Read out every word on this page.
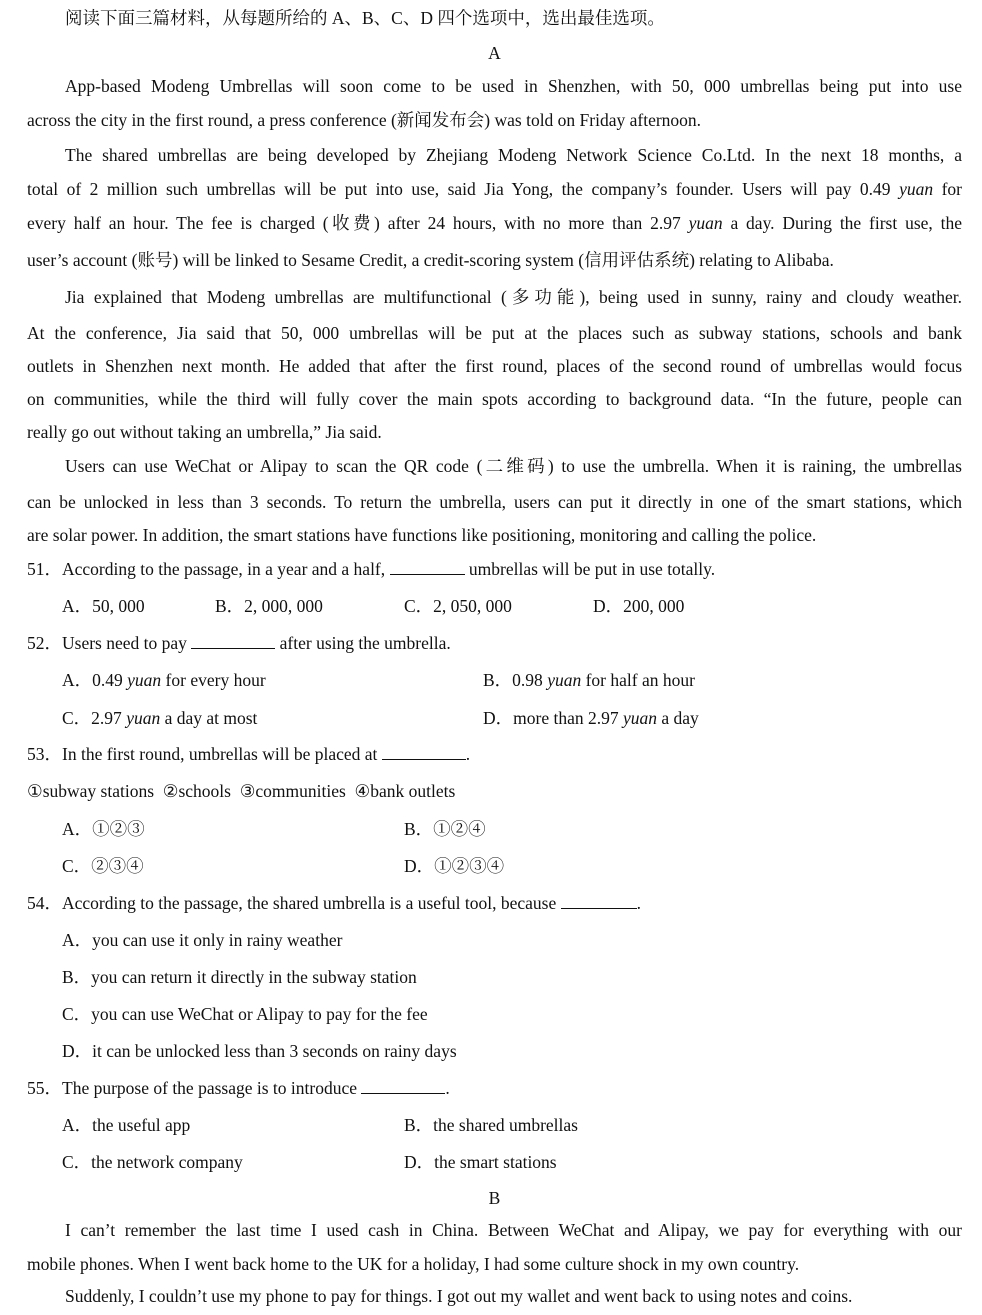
阅读下面三篇材料，从每题所给的 A、B、C、D 四个选项中，选出最佳选项。
A
App-based Modeng Umbrellas will soon come to be used in Shenzhen, with 50, 000 umbrellas being put into use
across the city in the first round, a press conference (新闻发布会) was told on Friday afternoon.
The shared umbrellas are being developed by Zhejiang Modeng Network Science Co.Ltd. In the next 18 months, a
total of 2 million such umbrellas will be put into use, said Jia Yong, the company’s founder. Users will pay 0.49 yuan for
every half an hour. The fee is charged (收费) after 24 hours, with no more than 2.97 yuan a day. During the first use, the
user’s account (账号) will be linked to Sesame Credit, a credit-scoring system (信用评估系统) relating to Alibaba.
Jia explained that Modeng umbrellas are multifunctional (多功能), being used in sunny, rainy and cloudy weather.
At the conference, Jia said that 50, 000 umbrellas will be put at the places such as subway stations, schools and bank
outlets in Shenzhen next month. He added that after the first round, places of the second round of umbrellas would focus
on communities, while the third will fully cover the main spots according to background data. “In the future, people can
really go out without taking an umbrella,” Jia said.
Users can use WeChat or Alipay to scan the QR code (二维码) to use the umbrella. When it is raining, the umbrellas
can be unlocked in less than 3 seconds. To return the umbrella, users can put it directly in one of the smart stations, which
are solar power. In addition, the smart stations have functions like positioning, monitoring and calling the police.
51．According to the passage, in a year and a half,	umbrellas will be put in use totally.
A．50, 000	B．2, 000, 000	C．2, 050, 000	D．200, 000
52．Users need to pay	after using the umbrella.
A．0.49 yuan for every hour	B．0.98 yuan for half an hour
C．2.97 yuan a day at most	D．more than 2.97 yuan a day
53．In the first round, umbrellas will be placed at	.
①subway stations  ②schools  ③communities  ④bank outlets
A．①②③	B．①②④
C．②③④	D．①②③④
54．According to the passage, the shared umbrella is a useful tool, because	.
A．you can use it only in rainy weather
B．you can return it directly in the subway station
C．you can use WeChat or Alipay to pay for the fee
D．it can be unlocked less than 3 seconds on rainy days
55．The purpose of the passage is to introduce	.
A．the useful app	B．the shared umbrellas
C．the network company	D．the smart stations
B
I can’t remember the last time I used cash in China. Between WeChat and Alipay, we pay for everything with our
mobile phones. When I went back home to the UK for a holiday, I had some culture shock in my own country.
Suddenly, I couldn’t use my phone to pay for things. I got out my wallet and went back to using notes and coins.
